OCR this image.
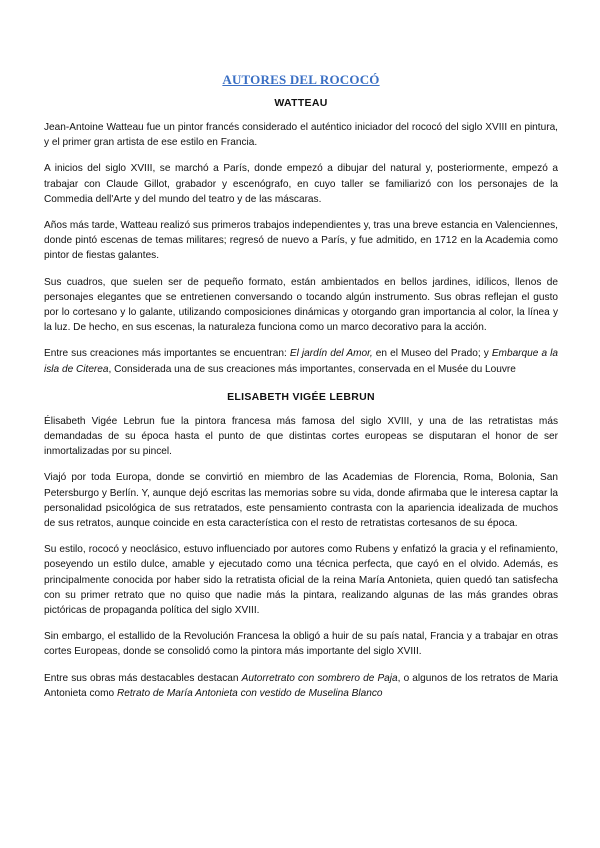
AUTORES DEL ROCOCÓ
WATTEAU

Jean-Antoine Watteau fue un pintor francés considerado el auténtico iniciador del rococó del siglo XVIII en pintura, y el primer gran artista de ese estilo en Francia.

A inicios del siglo XVIII, se marchó a París, donde empezó a dibujar del natural y, posteriormente, empezó a trabajar con Claude Gillot, grabador y escenógrafo, en cuyo taller se familiarizó con los personajes de la Commedia dell'Arte y del mundo del teatro y de las máscaras.

Años más tarde, Watteau realizó sus primeros trabajos independientes y, tras una breve estancia en Valenciennes, donde pintó escenas de temas militares; regresó de nuevo a París, y fue admitido, en 1712 en la Academia como pintor de fiestas galantes.

Sus cuadros, que suelen ser de pequeño formato, están ambientados en bellos jardines, idílicos, llenos de personajes elegantes que se entretienen conversando o tocando algún instrumento. Sus obras reflejan el gusto por lo cortesano y lo galante, utilizando composiciones dinámicas y otorgando gran importancia al color, la línea y la luz. De hecho, en sus escenas, la naturaleza funciona como un marco decorativo para la acción.

Entre sus creaciones más importantes se encuentran: El jardín del Amor, en el Museo del Prado; y Embarque a la isla de Citerea, Considerada una de sus creaciones más importantes, conservada en el Musée du Louvre

ELISABETH VIGÉE LEBRUN

Élisabeth Vigée Lebrun fue la pintora francesa más famosa del siglo XVIII, y una de las retratistas más demandadas de su época hasta el punto de que distintas cortes europeas se disputaran el honor de ser inmortalizadas por su pincel.

Viajó por toda Europa, donde se convirtió en miembro de las Academias de Florencia, Roma, Bolonia, San Petersburgo y Berlín. Y, aunque dejó escritas las memorias sobre su vida, donde afirmaba que le interesa captar la personalidad psicológica de sus retratados, este pensamiento contrasta con la apariencia idealizada de muchos de sus retratos, aunque coincide en esta característica con el resto de retratistas cortesanos de su época.

Su estilo, rococó y neoclásico, estuvo influenciado por autores como Rubens y enfatizó la gracia y el refinamiento, poseyendo un estilo dulce, amable y ejecutado como una técnica perfecta, que cayó en el olvido. Además, es principalmente conocida por haber sido la retratista oficial de la reina María Antonieta, quien quedó tan satisfecha con su primer retrato que no quiso que nadie más la pintara, realizando algunas de las más grandes obras pictóricas de propaganda política del siglo XVIII.

Sin embargo, el estallido de la Revolución Francesa la obligó a huir de su país natal, Francia y a trabajar en otras cortes Europeas, donde se consolidó como la pintora más importante del siglo XVIII.

Entre sus obras más destacables destacan Autorretrato con sombrero de Paja, o algunos de los retratos de Maria Antonieta como Retrato de María Antonieta con vestido de Muselina Blanco
